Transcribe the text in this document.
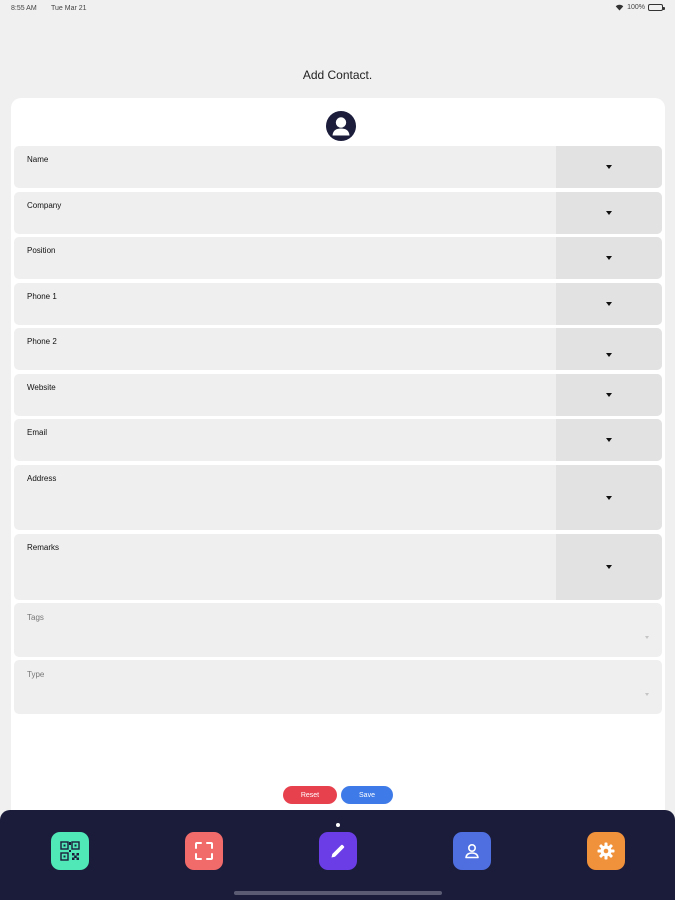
8:55 AM Tue Mar 21	100%
Add Contact.
Name
Company
Position
Phone 1
Phone 2
Website
Email
Address
Remarks
Tags
Type
Reset	Save
